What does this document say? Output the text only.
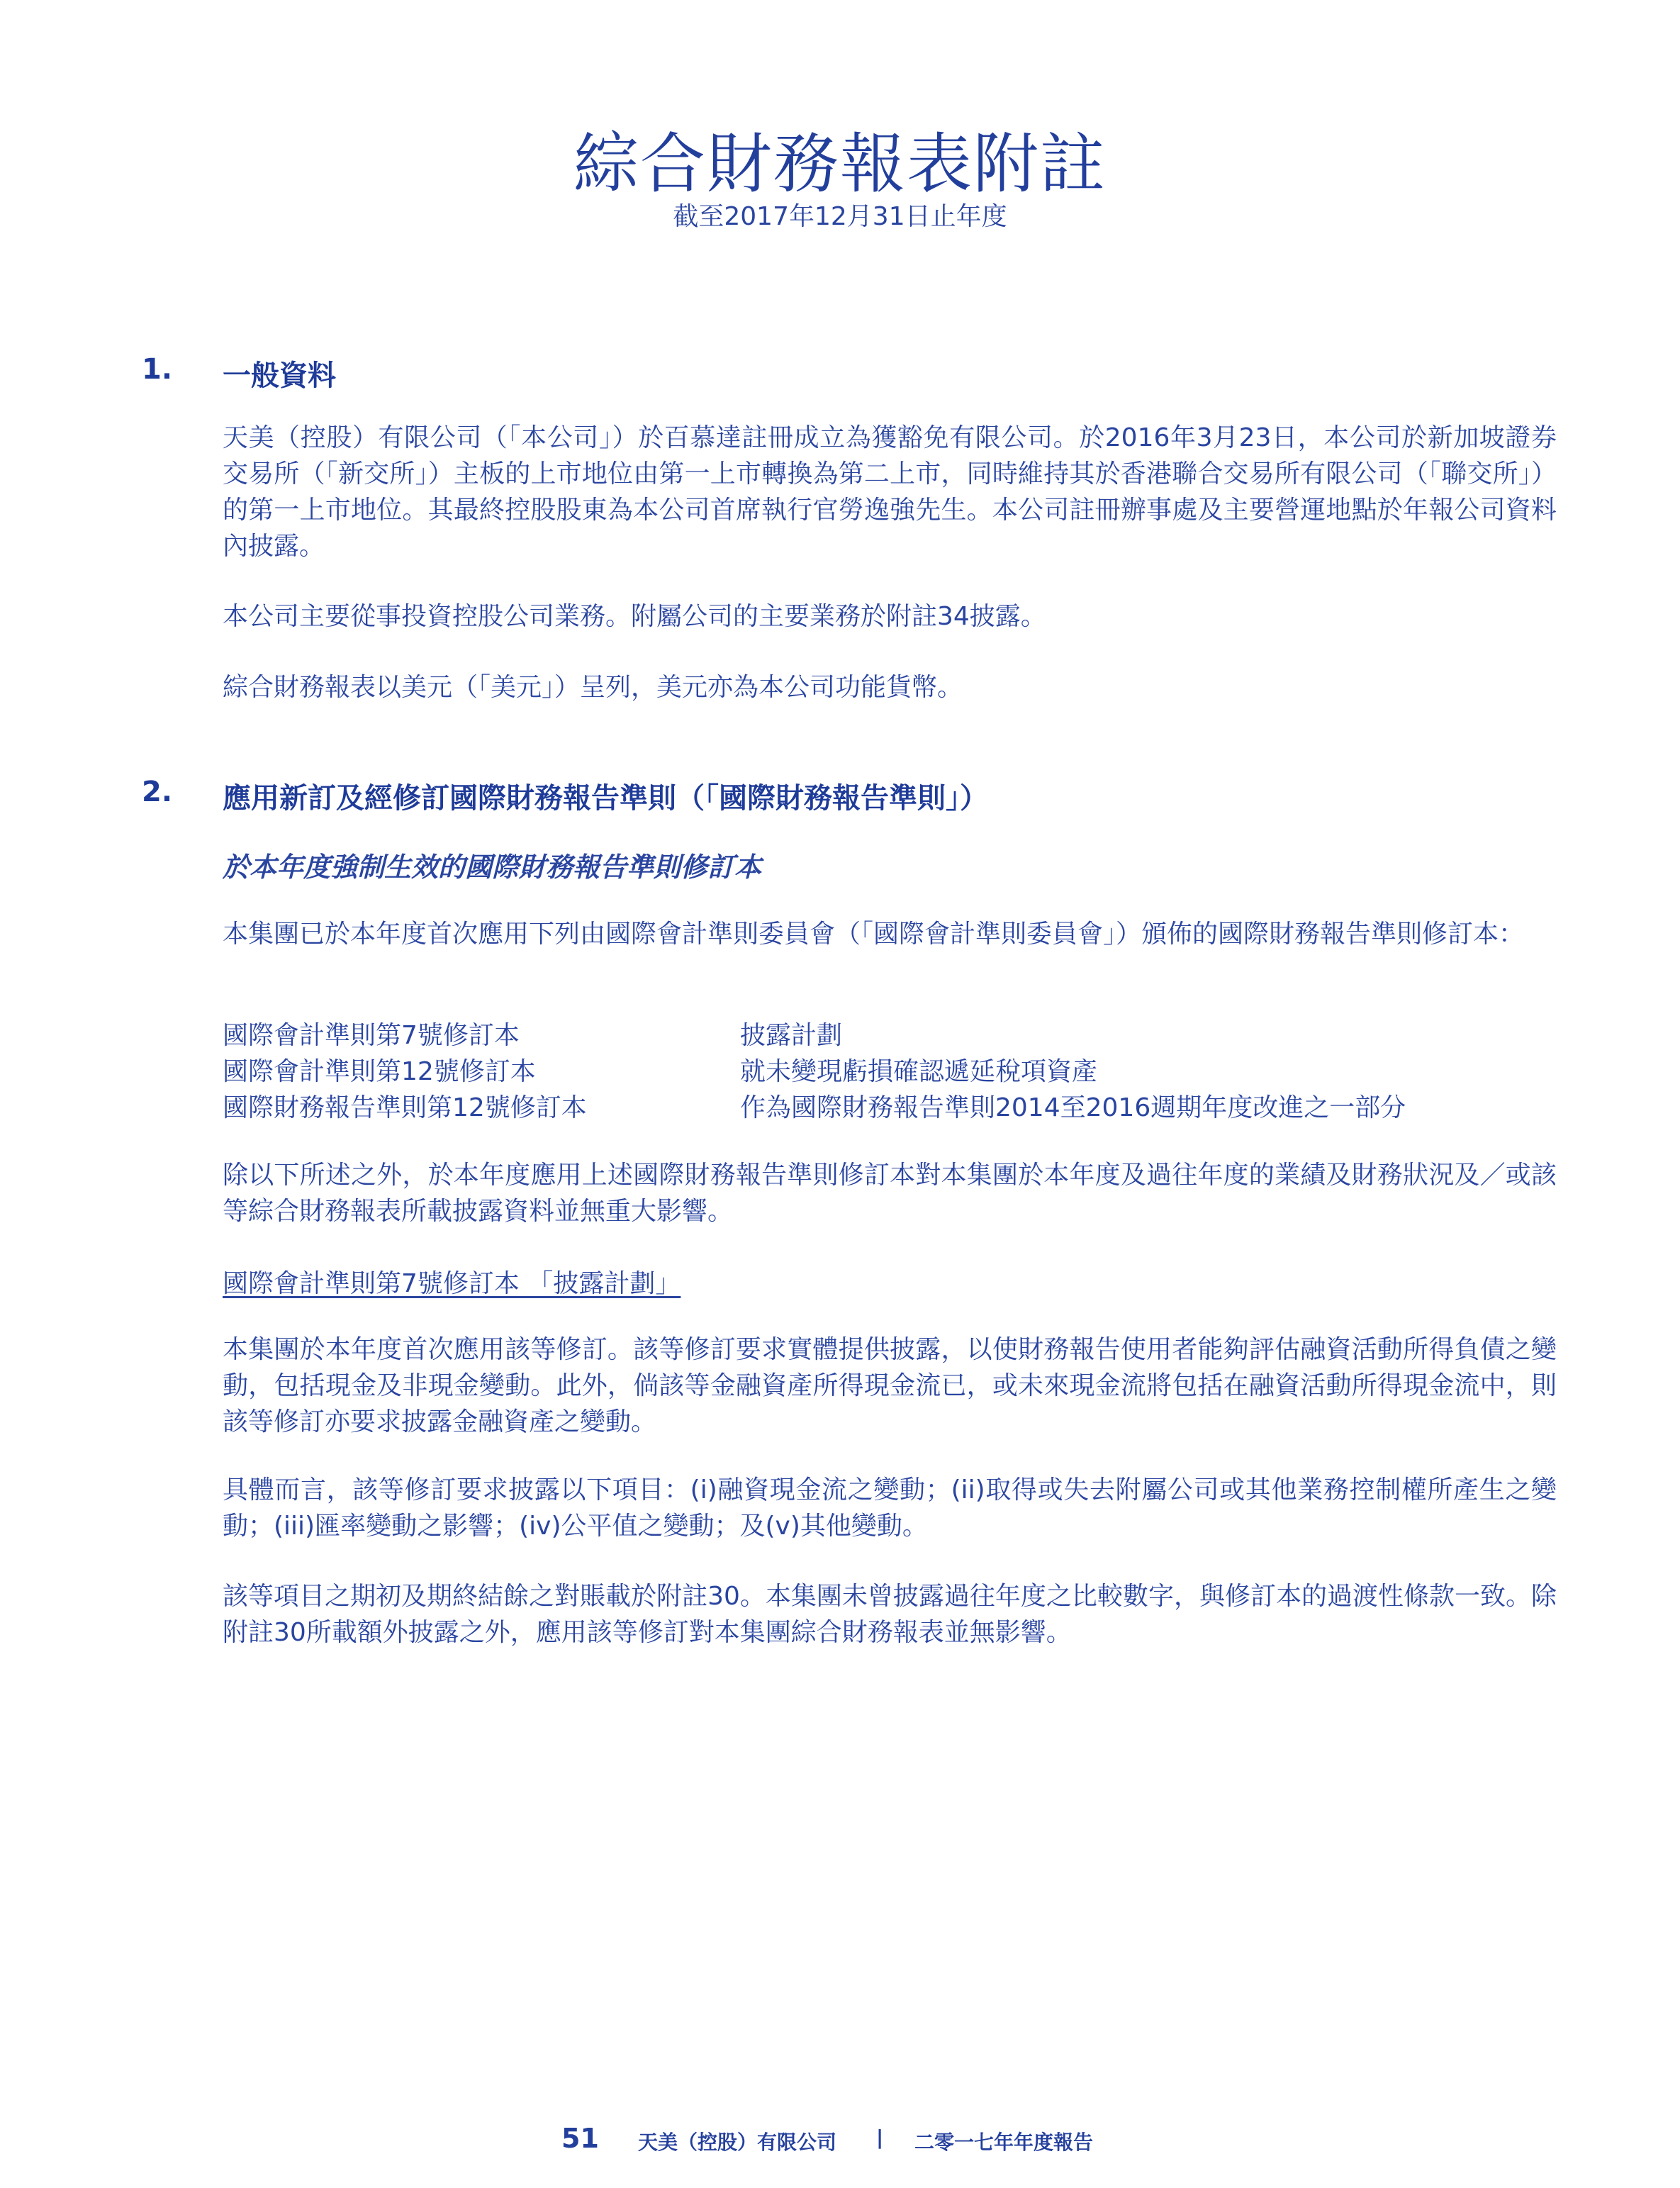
綜合財務報表附註
截至2017年12月31日止年度
1. 一般資料

天美（控股）有限公司（「本公司」）於百慕達註冊成立為獲豁免有限公司。於2016年3月23日，本公司於新加坡證券交易所（「新交所」）主板的上市地位由第一上市轉換為第二上市，同時維持其於香港聯合交易所有限公司（「聯交所」）的第一上市地位。其最終控股股東為本公司首席執行官勞逸強先生。本公司註冊辦事處及主要營運地點於年報公司資料內披露。

本公司主要從事投資控股公司業務。附屬公司的主要業務於附註34披露。

綜合財務報表以美元（「美元」）呈列，美元亦為本公司功能貨幣。

2. 應用新訂及經修訂國際財務報告準則（「國際財務報告準則」）
於本年度強制生效的國際財務報告準則修訂本

本集團已於本年度首次應用下列由國際會計準則委員會（「國際會計準則委員會」）頒佈的國際財務報告準則修訂本：

國際會計準則第7號修訂本	披露計劃
國際會計準則第12號修訂本	就未變現虧損確認遞延稅項資產
國際財務報告準則第12號修訂本	作為國際財務報告準則2014至2016週期年度改進之一部分

除以下所述之外，於本年度應用上述國際財務報告準則修訂本對本集團於本年度及過往年度的業績及財務狀況及／或該等綜合財務報表所載披露資料並無重大影響。

國際會計準則第7號修訂本 「披露計劃」

本集團於本年度首次應用該等修訂。該等修訂要求實體提供披露，以使財務報告使用者能夠評估融資活動所得負債之變動，包括現金及非現金變動。此外，倘該等金融資產所得現金流已，或未來現金流將包括在融資活動所得現金流中，則該等修訂亦要求披露金融資產之變動。

具體而言，該等修訂要求披露以下項目：(i)融資現金流之變動；(ii)取得或失去附屬公司或其他業務控制權所產生之變動；(iii)匯率變動之影響；(iv)公平值之變動；及(v)其他變動。

該等項目之期初及期終結餘之對賬載於附註30。本集團未曾披露過往年度之比較數字，與修訂本的過渡性條款一致。除附註30所載額外披露之外，應用該等修訂對本集團綜合財務報表並無影響。

51 天美（控股）有限公司 | 二零一七年年度報告
